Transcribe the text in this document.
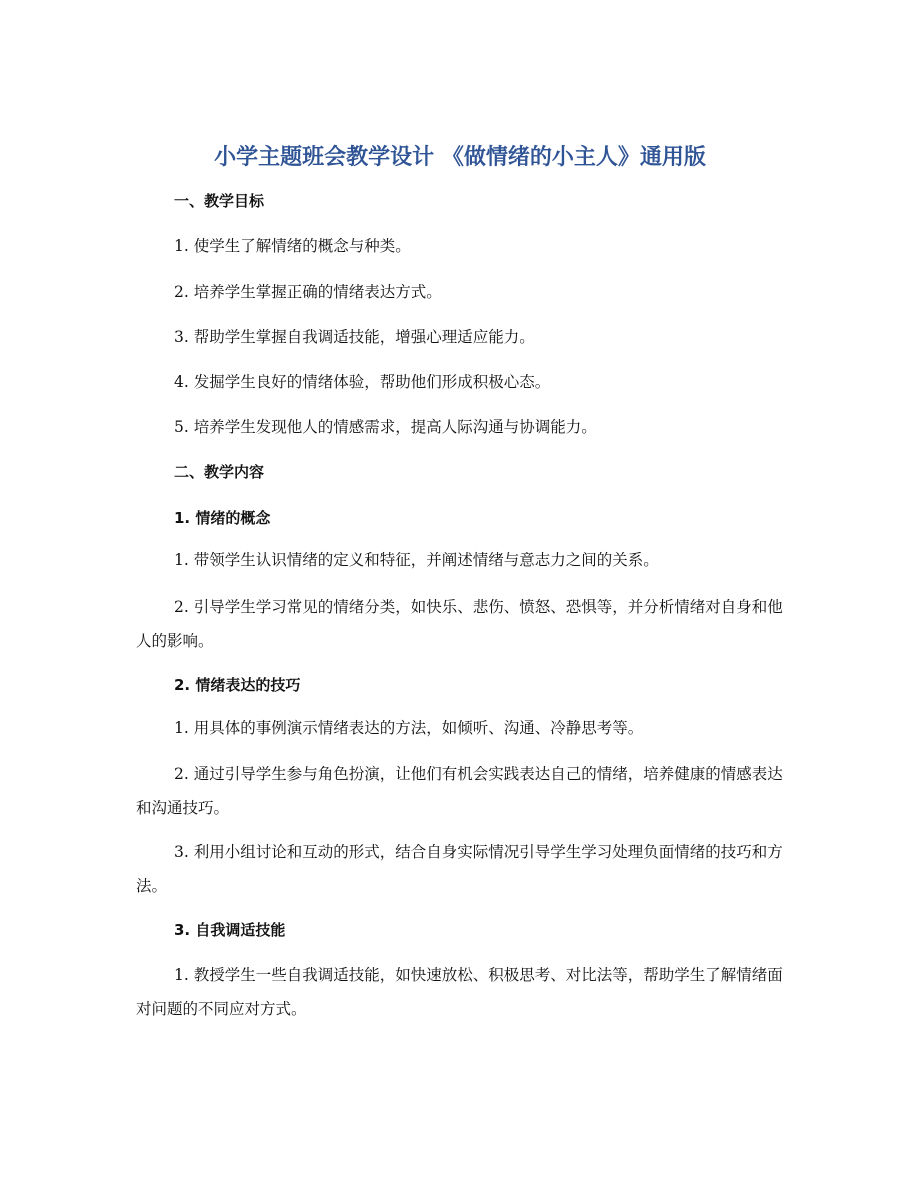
小学主题班会教学设计 《做情绪的小主人》通用版
一、教学目标
1. 使学生了解情绪的概念与种类。
2. 培养学生掌握正确的情绪表达方式。
3. 帮助学生掌握自我调适技能，增强心理适应能力。
4. 发掘学生良好的情绪体验，帮助他们形成积极心态。
5. 培养学生发现他人的情感需求，提高人际沟通与协调能力。
二、教学内容
1. 情绪的概念
1. 带领学生认识情绪的定义和特征，并阐述情绪与意志力之间的关系。
2. 引导学生学习常见的情绪分类，如快乐、悲伤、愤怒、恐惧等，并分析情绪对自身和他人的影响。
2. 情绪表达的技巧
1. 用具体的事例演示情绪表达的方法，如倾听、沟通、冷静思考等。
2. 通过引导学生参与角色扮演，让他们有机会实践表达自己的情绪，培养健康的情感表达和沟通技巧。
3. 利用小组讨论和互动的形式，结合自身实际情况引导学生学习处理负面情绪的技巧和方法。
3. 自我调适技能
1. 教授学生一些自我调适技能，如快速放松、积极思考、对比法等，帮助学生了解情绪面对问题的不同应对方式。
